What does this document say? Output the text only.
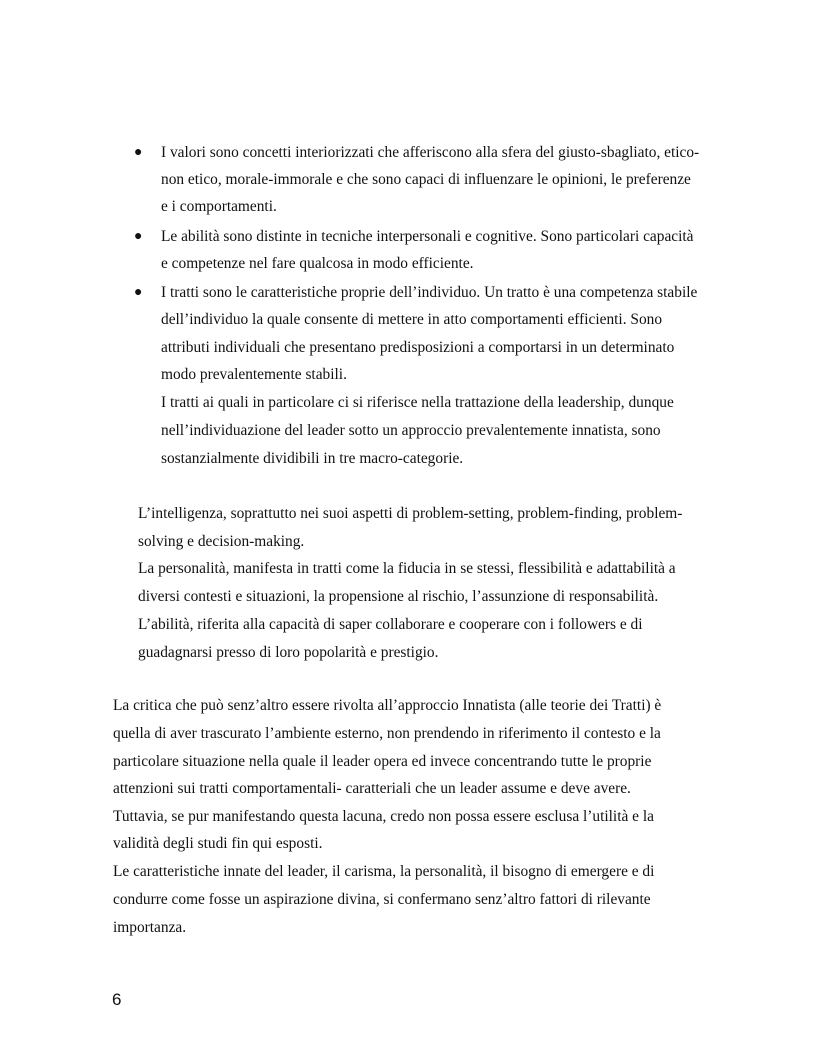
● I valori sono concetti interiorizzati che afferiscono alla sfera del giusto-sbagliato, etico-
non etico, morale-immorale e che sono capaci di influenzare le opinioni, le preferenze
e i comportamenti.
● Le abilità sono distinte in tecniche interpersonali e cognitive. Sono particolari capacità
e competenze nel fare qualcosa in modo efficiente.
● I tratti sono le caratteristiche proprie dell’individuo. Un tratto è una competenza stabile
dell’individuo la quale consente di mettere in atto comportamenti efficienti. Sono
attributi individuali che presentano predisposizioni a comportarsi in un determinato
modo prevalentemente stabili.
I tratti ai quali in particolare ci si riferisce nella trattazione della leadership, dunque
nell’individuazione del leader sotto un approccio prevalentemente innatista, sono
sostanzialmente dividibili in tre macro-categorie.
L’intelligenza, soprattutto nei suoi aspetti di problem-setting, problem-finding, problem-
solving e decision-making.
La personalità, manifesta in tratti come la fiducia in se stessi, flessibilità e adattabilità a
diversi contesti e situazioni, la propensione al rischio, l’assunzione di responsabilità.
L’abilità, riferita alla capacità di saper collaborare e cooperare con i followers e di
guadagnarsi presso di loro popolarità e prestigio.
La critica che può senz’altro essere rivolta all’approccio Innatista (alle teorie dei Tratti) è
quella di aver trascurato l’ambiente esterno, non prendendo in riferimento il contesto e la
particolare situazione nella quale il leader opera ed invece concentrando tutte le proprie
attenzioni sui tratti comportamentali- caratteriali che un leader assume e deve avere.
Tuttavia, se pur manifestando questa lacuna, credo non possa essere esclusa l’utilità e la
validità degli studi fin qui esposti.
Le caratteristiche innate del leader, il carisma, la personalità, il bisogno di emergere e di
condurre come fosse un aspirazione divina, si confermano senz’altro fattori di rilevante
importanza.
6
